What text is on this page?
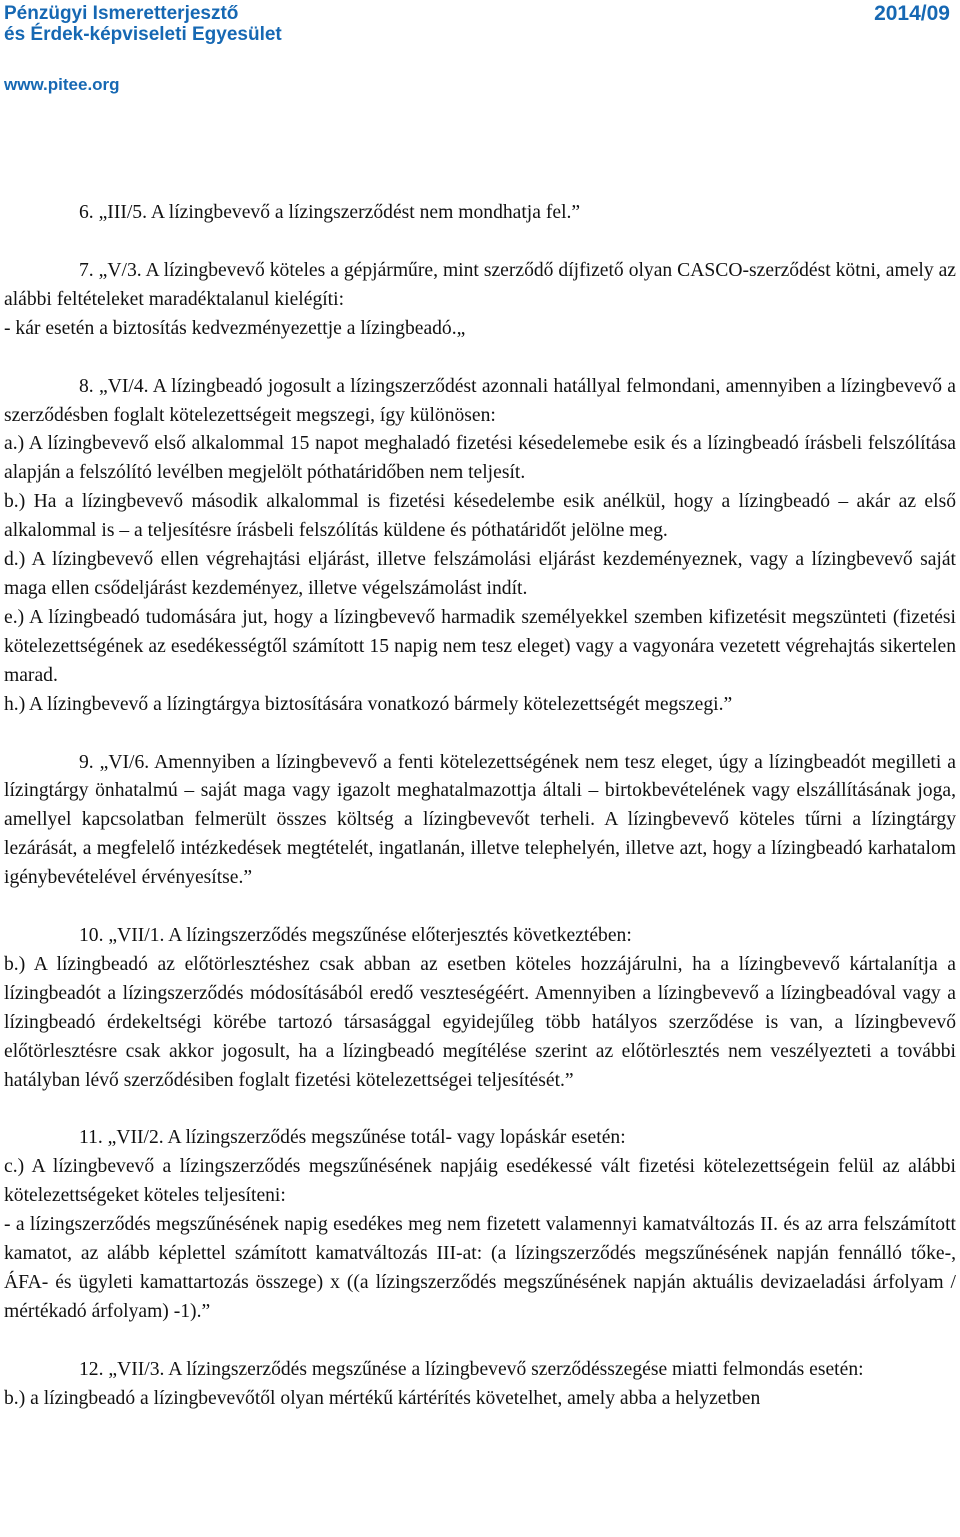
Pénzügyi Ismeretterjesztő
és Érdek-képviseleti Egyesület
2014/09
www.pitee.org

6. „III/5. A lízingbevevő a lízingszerződést nem mondhatja fel.”

7. „V/3. A lízingbevevő köteles a gépjárműre, mint szerződő díjfizető olyan CASCO-szerződést kötni, amely az alábbi feltételeket maradéktalanul kielégíti:

- kár esetén a biztosítás kedvezményezettje a lízingbeadó.„

8. „VI/4. A lízingbeadó jogosult a lízingszerződést azonnali hatállyal felmondani, amennyiben a lízingbevevő a szerződésben foglalt kötelezettségeit megszegi, így különösen:

a.) A lízingbevevő első alkalommal 15 napot meghaladó fizetési késedelemebe esik és a lízingbeadó írásbeli felszólítása alapján a felszólító levélben megjelölt póthatáridőben nem teljesít.

b.) Ha a lízingbevevő második alkalommal is fizetési késedelembe esik anélkül, hogy a lízingbeadó – akár az első alkalommal is – a teljesítésre írásbeli felszólítás küldene és póthatáridőt jelölne meg.

d.) A lízingbevevő ellen végrehajtási eljárást, illetve felszámolási eljárást kezdeményeznek, vagy a lízingbevevő saját maga ellen csődeljárást kezdeményez, illetve végelszámolást indít.

e.) A lízingbeadó tudomására jut, hogy a lízingbevevő harmadik személyekkel szemben kifizetésit megszünteti (fizetési kötelezettségének az esedékességtől számított 15 napig nem tesz eleget) vagy a vagyonára vezetett végrehajtás sikertelen marad.

h.) A lízingbevevő a lízingtárgya biztosítására vonatkozó bármely kötelezettségét megszegi.”

9. „VI/6. Amennyiben a lízingbevevő a fenti kötelezettségének nem tesz eleget, úgy a lízingbeadót megilleti a lízingtárgy önhatalmú – saját maga vagy igazolt meghatalmazottja általi – birtokbevételének vagy elszállításának joga, amellyel kapcsolatban felmerült összes költség a lízingbevevőt terheli. A lízingbevevő köteles tűrni a lízingtárgy lezárását, a megfelelő intézkedések megtételét, ingatlanán, illetve telephelyén, illetve azt, hogy a lízingbeadó karhatalom igénybevételével érvényesítse.”

10. „VII/1. A lízingszerződés megszűnése előterjesztés következtében:

b.) A lízingbeadó az előtörlesztéshez csak abban az esetben köteles hozzájárulni, ha a lízingbevevő kártalanítja a lízingbeadót a lízingszerződés módosításából eredő veszteségéért. Amennyiben a lízingbevevő a lízingbeadóval vagy a lízingbeadó érdekeltségi körébe tartozó társasággal egyidejűleg több hatályos szerződése is van, a lízingbevevő előtörlesztésre csak akkor jogosult, ha a lízingbeadó megítélése szerint az előtörlesztés nem veszélyezteti a további hatályban lévő szerződésiben foglalt fizetési kötelezettségei teljesítését.”

11. „VII/2. A lízingszerződés megszűnése totál- vagy lopáskár esetén:

c.) A lízingbevevő a lízingszerződés megszűnésének napjáig esedékessé vált fizetési kötelezettségein felül az alábbi kötelezettségeket köteles teljesíteni:

- a lízingszerződés megszűnésének napig esedékes meg nem fizetett valamennyi kamatváltozás II. és az arra felszámított kamatot, az alább képlettel számított kamatváltozás III-at: (a lízingszerződés megszűnésének napján fennálló tőke-, ÁFA- és ügyleti kamattartozás összege) x ((a lízingszerződés megszűnésének napján aktuális devizaeladási árfolyam / mértékadó árfolyam) -1).”

12. „VII/3. A lízingszerződés megszűnése a lízingbevevő szerződésszegése miatti felmondás esetén:

b.) a lízingbeadó a lízingbevevőtől olyan mértékű kártérítés követelhet, amely abba a helyzetben
